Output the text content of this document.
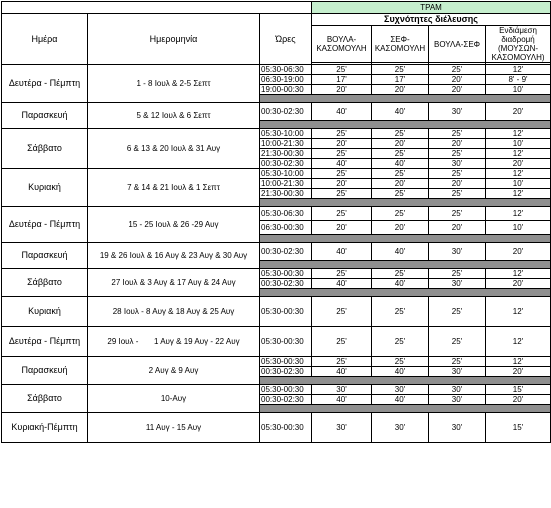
			ΤΡΑΜ			
Ημέρα	Ημερομηνία	Ώρες	Συχνότητες διέλευσης			
			ΒΟΥΛΑ-ΚΑΣΟΜΟΥΛΗ	ΣΕΦ-ΚΑΣΟΜΟΥΛΗ	ΒΟΥΛΑ-ΣΕΦ	Ενδιάμεση διαδρομή (ΜΟΥΣΩΝ-ΚΑΣΟΜΟΥΛΗ)

Δευτέρα - Πέμπτη	1 - 8 Ιουλ & 2-5 Σεπτ	05:30-06:30	25'	25'	25'	12'
		06:30-19:00	17'	17'	20'	8' - 9'
		19:00-00:30	20'	20'	20'	10'

Παρασκευή	5 & 12 Ιουλ & 6 Σεπτ	00:30-02:30	40'	40'	30'	20'

Σάββατο	6 & 13 & 20 Ιουλ & 31 Αυγ	05:30-10:00	25'	25'	25'	12'
		10:00-21:30	20'	20'	20'	10'
		21:30-00:30	25'	25'	25'	12'
		00:30-02:30	40'	40'	30'	20'
Κυριακή	7 & 14 & 21 Ιουλ & 1 Σεπτ	05:30-10:00	25'	25'	25'	12'
		10:00-21:30	20'	20'	20'	10'
		21:30-00:30	25'	25'	25'	12'

Δευτέρα - Πέμπτη	15 - 25 Ιουλ & 26 -29 Αυγ	05:30-06:30	25'	25'	25'	12'
		06:30-00:30	20'	20'	20'	10'

Παρασκευή	19 & 26 Ιουλ & 16 Αυγ & 23 Αυγ & 30 Αυγ	00:30-02:30	40'	40'	30'	20'

Σάββατο	27 Ιουλ & 3 Αυγ & 17 Αυγ & 24 Αυγ	05:30-00:30	25'	25'	25'	12'
		00:30-02:30	40'	40'	30'	20'

Κυριακή	28 Ιουλ - 8 Αυγ & 18 Αυγ & 25 Αυγ	05:30-00:30	25'	25'	25'	12'
Δευτέρα - Πέμπτη	29 Ιουλ -       1 Αυγ & 19 Αυγ - 22 Αυγ	05:30-00:30	25'	25'	25'	12'
Παρασκευή	2 Αυγ & 9 Αυγ	05:30-00:30	25'	25'	25'	12'
		00:30-02:30	40'	40'	30'	20'

Σάββατο	10-Αυγ	05:30-00:30	30'	30'	30'	15'
		00:30-02:30	40'	40'	30'	20'

Κυριακή-Πέμπτη	11 Αυγ - 15 Αυγ	05:30-00:30	30'	30'	30'	15'
